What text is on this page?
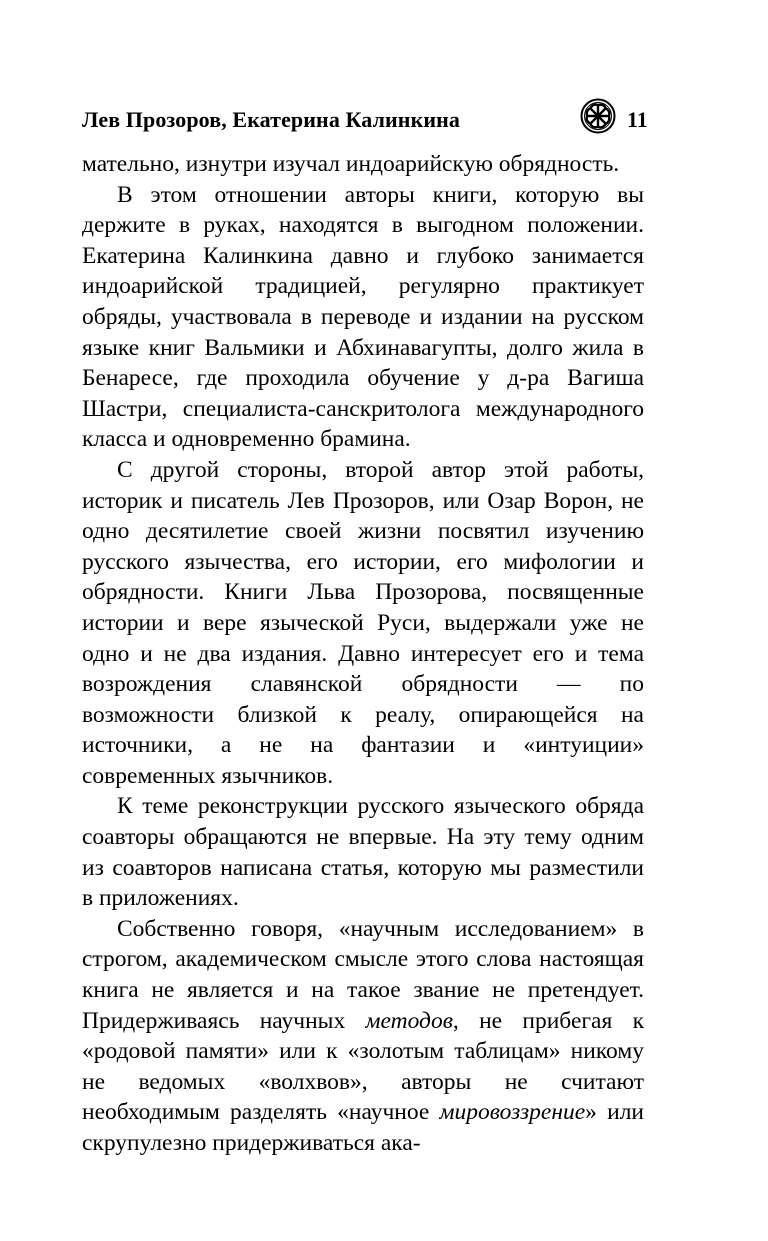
Лев Прозоров, Екатерина Калинкина	11

мательно, изнутри изучал индоарийскую обрядность.

В этом отношении авторы книги, которую вы держите в руках, находятся в выгодном положении. Екатерина Калинкина давно и глубоко занимается индоарийской традицией, регулярно практикует обряды, участвовала в переводе и издании на русском языке книг Вальмики и Абхинавагупты, долго жила в Бенаресе, где проходила обучение у д-ра Вагиша Шастри, специалиста-санскритолога международного класса и одновременно брамина.

С другой стороны, второй автор этой работы, историк и писатель Лев Прозоров, или Озар Ворон, не одно десятилетие своей жизни посвятил изучению русского язычества, его истории, его мифологии и обрядности. Книги Льва Прозорова, посвященные истории и вере языческой Руси, выдержали уже не одно и не два издания. Давно интересует его и тема возрождения славянской обрядности — по возможности близкой к реалу, опирающейся на источники, а не на фантазии и «интуиции» современных язычников.

К теме реконструкции русского языческого обряда соавторы обращаются не впервые. На эту тему одним из соавторов написана статья, которую мы разместили в приложениях.

Собственно говоря, «научным исследованием» в строгом, академическом смысле этого слова настоящая книга не является и на такое звание не претендует. Придерживаясь научных методов, не прибегая к «родовой памяти» или к «золотым таблицам» никому не ведомых «волхвов», авторы не считают необходимым разделять «научное мировоззрение» или скрупулезно придерживаться ака-
